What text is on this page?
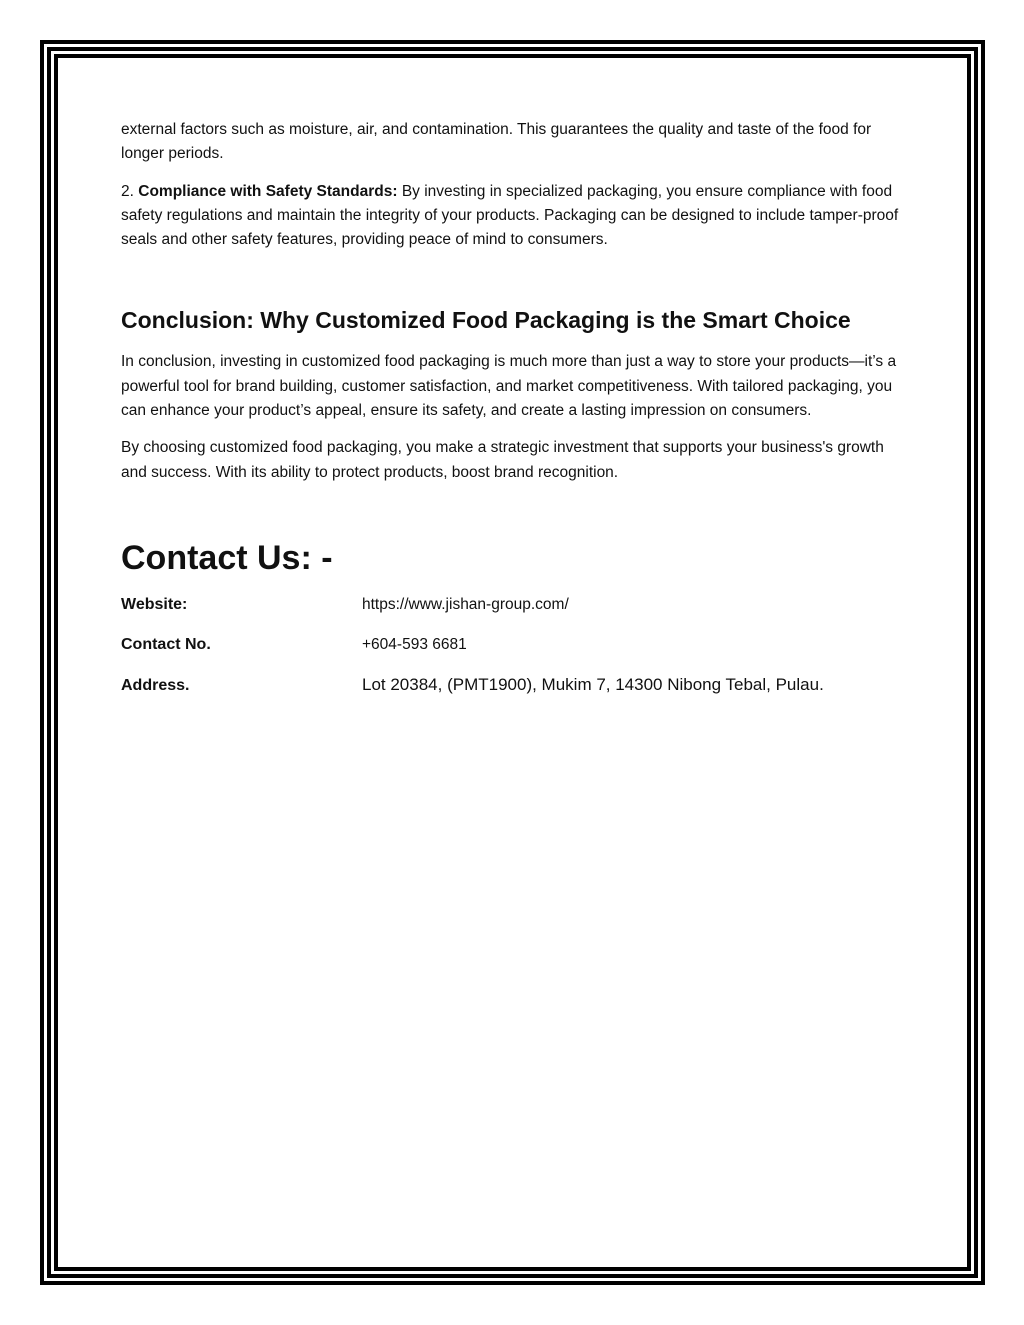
external factors such as moisture, air, and contamination. This guarantees the quality and taste of the food for longer periods.

2. Compliance with Safety Standards: By investing in specialized packaging, you ensure compliance with food safety regulations and maintain the integrity of your products. Packaging can be designed to include tamper-proof seals and other safety features, providing peace of mind to consumers.

Conclusion: Why Customized Food Packaging is the Smart Choice

In conclusion, investing in customized food packaging is much more than just a way to store your products—it’s a powerful tool for brand building, customer satisfaction, and market competitiveness. With tailored packaging, you can enhance your product’s appeal, ensure its safety, and create a lasting impression on consumers.

By choosing customized food packaging, you make a strategic investment that supports your business's growth and success. With its ability to protect products, boost brand recognition.

Contact Us: -
Website:	https://www.jishan-group.com/
Contact No.	+604-593 6681
Address.	Lot 20384, (PMT1900), Mukim 7, 14300 Nibong Tebal, Pulau.
